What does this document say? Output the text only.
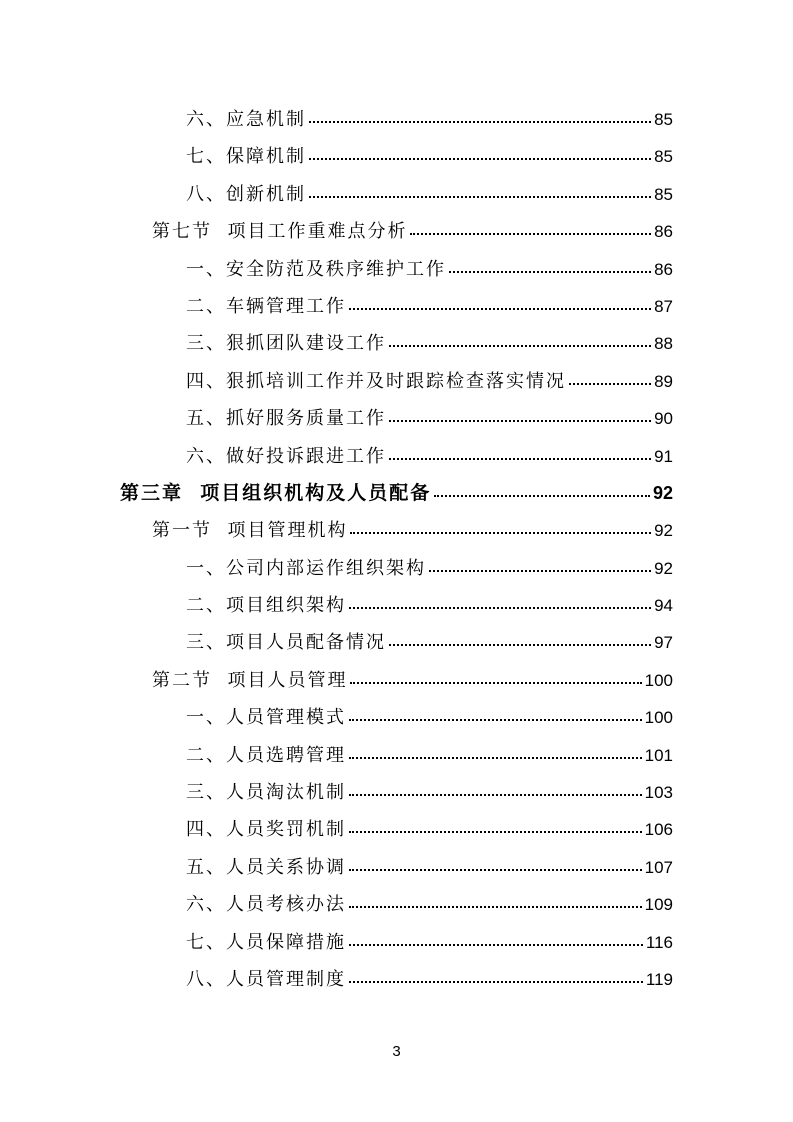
六、应急机制	85
七、保障机制	85
八、创新机制	85
第七节  项目工作重难点分析	86
一、安全防范及秩序维护工作	86
二、车辆管理工作	87
三、狠抓团队建设工作	88
四、狠抓培训工作并及时跟踪检查落实情况	89
五、抓好服务质量工作	90
六、做好投诉跟进工作	91
第三章  项目组织机构及人员配备	92
第一节  项目管理机构	92
一、公司内部运作组织架构	92
二、项目组织架构	94
三、项目人员配备情况	97
第二节  项目人员管理	100
一、人员管理模式	100
二、人员选聘管理	101
三、人员淘汰机制	103
四、人员奖罚机制	106
五、人员关系协调	107
六、人员考核办法	109
七、人员保障措施	116
八、人员管理制度	119
3
